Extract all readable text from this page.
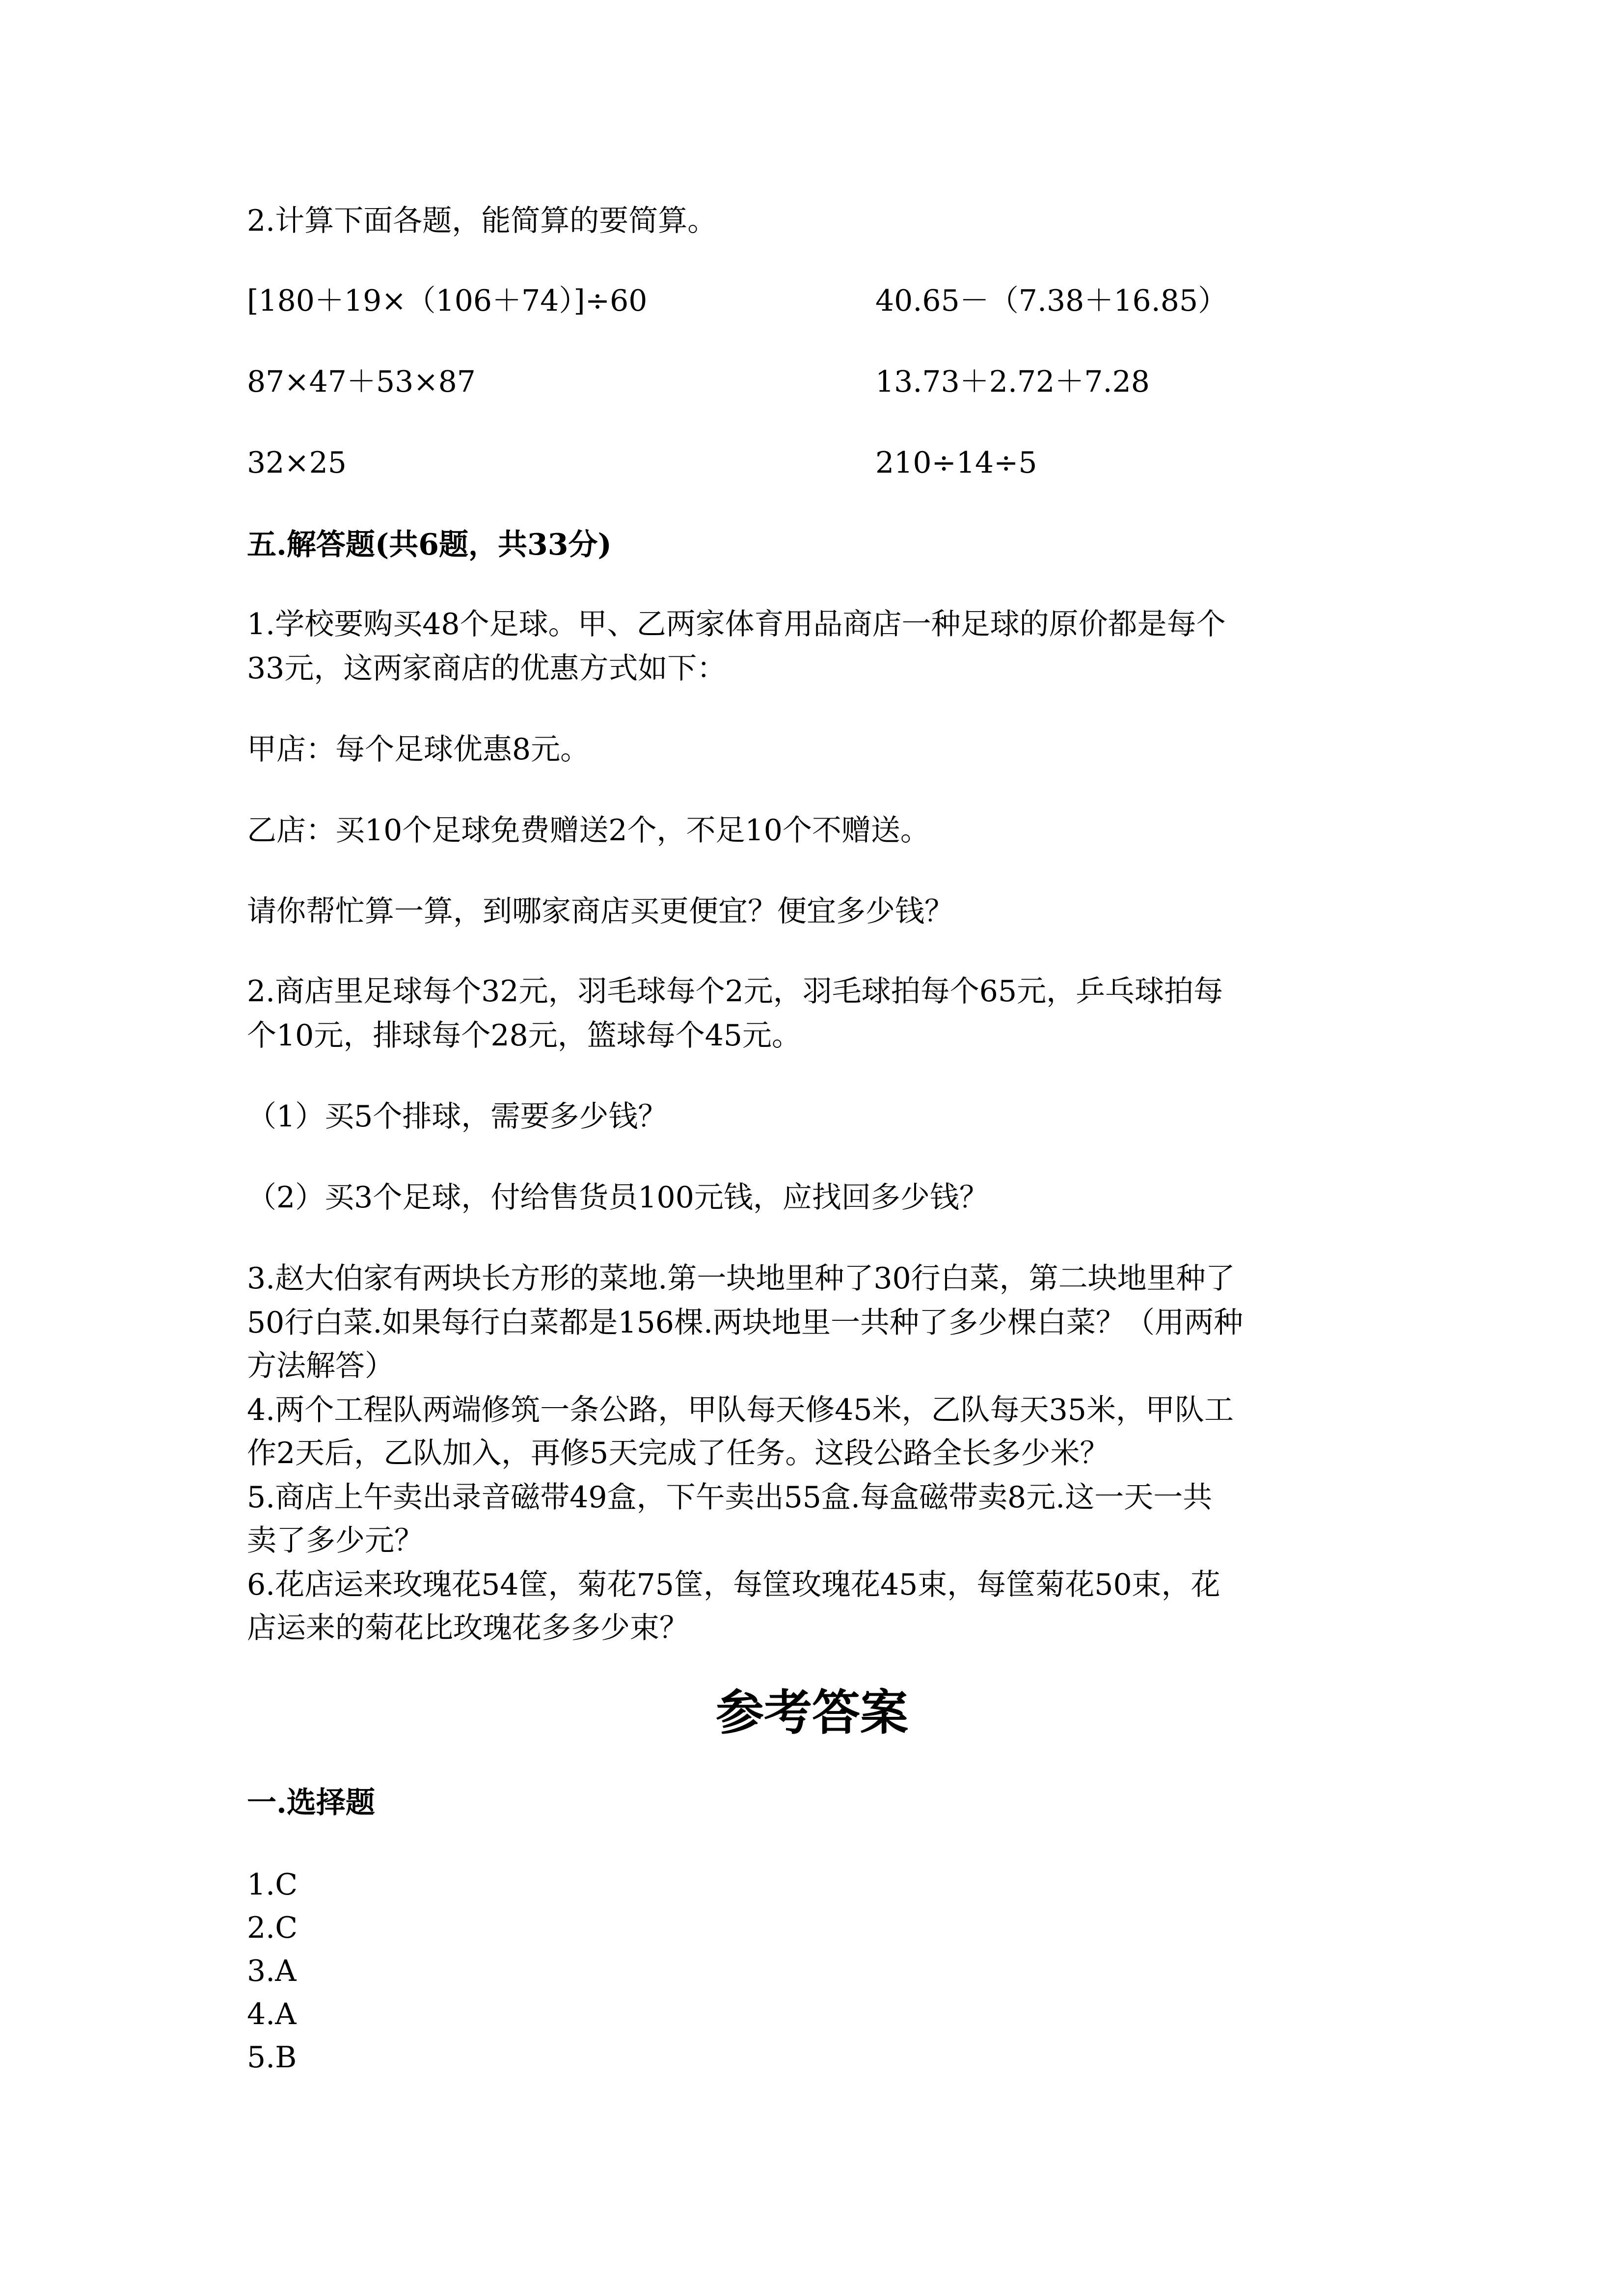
2.计算下面各题，能简算的要简算。

[180＋19×（106＋74）]÷60	40.65－（7.38＋16.85）

87×47＋53×87	13.73＋2.72＋7.28

32×25	210÷14÷5

五.解答题(共6题，共33分)

1.学校要购买48个足球。甲、乙两家体育用品商店一种足球的原价都是每个

33元，这两家商店的优惠方式如下：

甲店：每个足球优惠8元。

乙店：买10个足球免费赠送2个，不足10个不赠送。

请你帮忙算一算，到哪家商店买更便宜？便宜多少钱？

2.商店里足球每个32元，羽毛球每个2元，羽毛球拍每个65元，乒乓球拍每

个10元，排球每个28元，篮球每个45元。

（1）买5个排球，需要多少钱？

（2）买3个足球，付给售货员100元钱，应找回多少钱？

3.赵大伯家有两块长方形的菜地.第一块地里种了30行白菜，第二块地里种了

50行白菜.如果每行白菜都是156棵.两块地里一共种了多少棵白菜？（用两种

方法解答）

4.两个工程队两端修筑一条公路，甲队每天修45米，乙队每天35米，甲队工

作2天后，乙队加入，再修5天完成了任务。这段公路全长多少米？

5.商店上午卖出录音磁带49盒，下午卖出55盒.每盒磁带卖8元.这一天一共

卖了多少元？

6.花店运来玫瑰花54筐，菊花75筐，每筐玫瑰花45束，每筐菊花50束，花

店运来的菊花比玫瑰花多多少束？

参考答案

一.选择题

1.C

2.C

3.A

4.A

5.B
